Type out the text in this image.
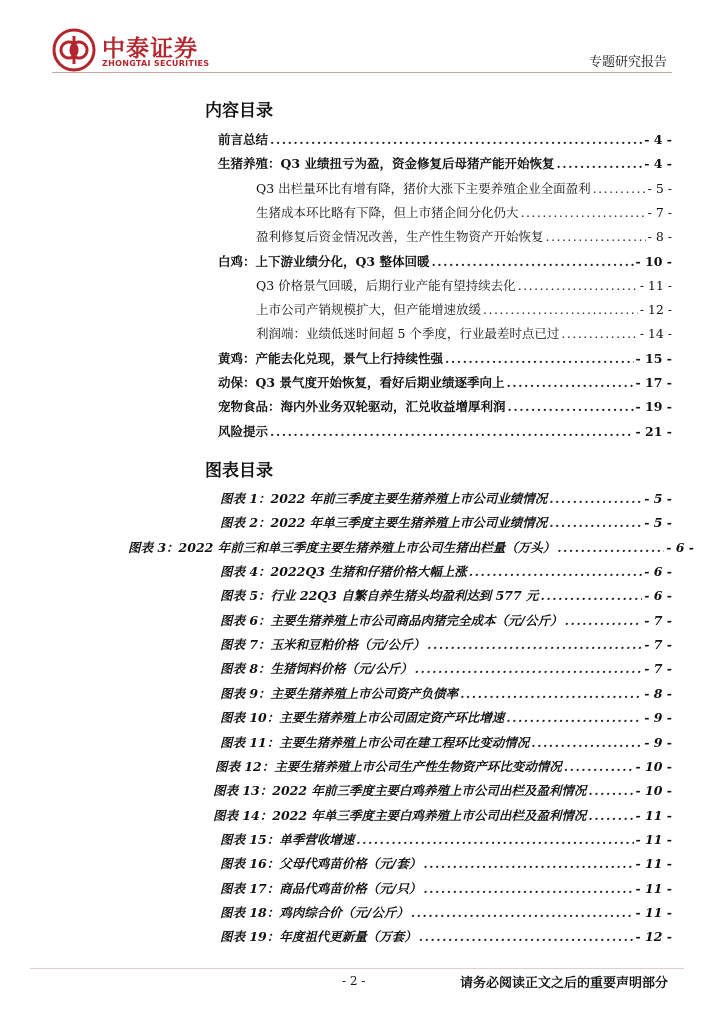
中泰证券
ZHONGTAI SECURITIES	专题研究报告
内容目录
前言总结 .....	- 4 -
生猪养殖：Q3 业绩扭亏为盈，资金修复后母猪产能开始恢复 .....	- 4 -
Q3 出栏量环比有增有降，猪价大涨下主要养殖企业全面盈利 .....	- 5 -
生猪成本环比略有下降，但上市猪企间分化仍大 .....	- 7 -
盈利修复后资金情况改善，生产性生物资产开始恢复 .....	- 8 -
白鸡：上下游业绩分化，Q3 整体回暖 .....	- 10 -
Q3 价格景气回暖，后期行业产能有望持续去化 .....	- 11 -
上市公司产销规模扩大，但产能增速放缓 .....	- 12 -
利润端：业绩低迷时间超 5 个季度，行业最差时点已过 .....	- 14 -
黄鸡：产能去化兑现，景气上行持续性强 .....	- 15 -
动保：Q3 景气度开始恢复，看好后期业绩逐季向上 .....	- 17 -
宠物食品：海内外业务双轮驱动，汇兑收益增厚利润 .....	- 19 -
风险提示 .....	- 21 -
图表目录
图表 1：2022 年前三季度主要生猪养殖上市公司业绩情况 .....	- 5 -
图表 2：2022 年单三季度主要生猪养殖上市公司业绩情况 .....	- 5 -
图表 3：2022 年前三和单三季度主要生猪养殖上市公司生猪出栏量（万头） .....	- 6 -
图表 4：2022Q3 生猪和仔猪价格大幅上涨 .....	- 6 -
图表 5：行业 22Q3 自繁自养生猪头均盈利达到 577 元 .....	- 6 -
图表 6：主要生猪养殖上市公司商品肉猪完全成本（元/公斤） .....	- 7 -
图表 7：玉米和豆粕价格（元/公斤） .....	- 7 -
图表 8：生猪饲料价格（元/公斤） .....	- 7 -
图表 9：主要生猪养殖上市公司资产负债率 .....	- 8 -
图表 10：主要生猪养殖上市公司固定资产环比增速 .....	- 9 -
图表 11：主要生猪养殖上市公司在建工程环比变动情况 .....	- 9 -
图表 12：主要生猪养殖上市公司生产性生物资产环比变动情况 .....	- 10 -
图表 13：2022 年前三季度主要白鸡养殖上市公司出栏及盈利情况 .....	- 10 -
图表 14：2022 年单三季度主要白鸡养殖上市公司出栏及盈利情况 .....	- 11 -
图表 15：单季营收增速 .....	- 11 -
图表 16：父母代鸡苗价格（元/套） .....	- 11 -
图表 17：商品代鸡苗价格（元/只） .....	- 11 -
图表 18：鸡肉综合价（元/公斤） .....	- 11 -
图表 19：年度祖代更新量（万套） .....	- 12 -
- 2 -	请务必阅读正文之后的重要声明部分
